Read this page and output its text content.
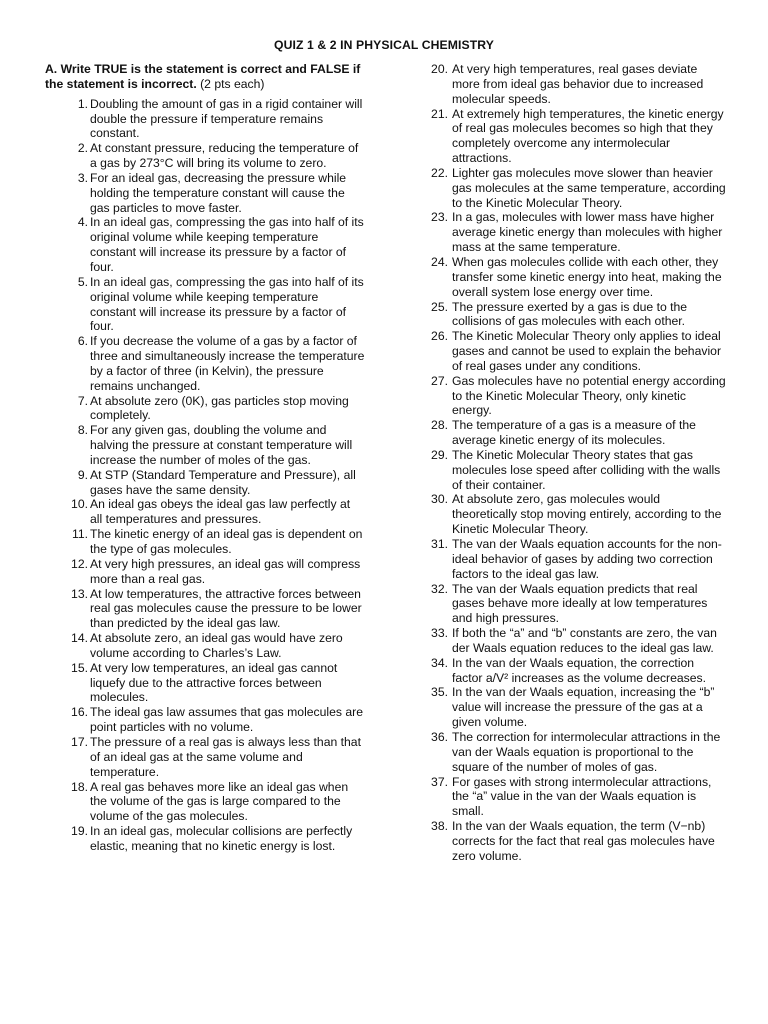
QUIZ 1 & 2 IN PHYSICAL CHEMISTRY
A. Write TRUE is the statement is correct and FALSE if the statement is incorrect. (2 pts each)
1. Doubling the amount of gas in a rigid container will double the pressure if temperature remains constant.
2. At constant pressure, reducing the temperature of a gas by 273°C will bring its volume to zero.
3. For an ideal gas, decreasing the pressure while holding the temperature constant will cause the gas particles to move faster.
4. In an ideal gas, compressing the gas into half of its original volume while keeping temperature constant will increase its pressure by a factor of four.
5. In an ideal gas, compressing the gas into half of its original volume while keeping temperature constant will increase its pressure by a factor of four.
6. If you decrease the volume of a gas by a factor of three and simultaneously increase the temperature by a factor of three (in Kelvin), the pressure remains unchanged.
7. At absolute zero (0K), gas particles stop moving completely.
8. For any given gas, doubling the volume and halving the pressure at constant temperature will increase the number of moles of the gas.
9. At STP (Standard Temperature and Pressure), all gases have the same density.
10. An ideal gas obeys the ideal gas law perfectly at all temperatures and pressures.
11. The kinetic energy of an ideal gas is dependent on the type of gas molecules.
12. At very high pressures, an ideal gas will compress more than a real gas.
13. At low temperatures, the attractive forces between real gas molecules cause the pressure to be lower than predicted by the ideal gas law.
14. At absolute zero, an ideal gas would have zero volume according to Charles’s Law.
15. At very low temperatures, an ideal gas cannot liquefy due to the attractive forces between molecules.
16. The ideal gas law assumes that gas molecules are point particles with no volume.
17. The pressure of a real gas is always less than that of an ideal gas at the same volume and temperature.
18. A real gas behaves more like an ideal gas when the volume of the gas is large compared to the volume of the gas molecules.
19. In an ideal gas, molecular collisions are perfectly elastic, meaning that no kinetic energy is lost.
20. At very high temperatures, real gases deviate more from ideal gas behavior due to increased molecular speeds.
21. At extremely high temperatures, the kinetic energy of real gas molecules becomes so high that they completely overcome any intermolecular attractions.
22. Lighter gas molecules move slower than heavier gas molecules at the same temperature, according to the Kinetic Molecular Theory.
23. In a gas, molecules with lower mass have higher average kinetic energy than molecules with higher mass at the same temperature.
24. When gas molecules collide with each other, they transfer some kinetic energy into heat, making the overall system lose energy over time.
25. The pressure exerted by a gas is due to the collisions of gas molecules with each other.
26. The Kinetic Molecular Theory only applies to ideal gases and cannot be used to explain the behavior of real gases under any conditions.
27. Gas molecules have no potential energy according to the Kinetic Molecular Theory, only kinetic energy.
28. The temperature of a gas is a measure of the average kinetic energy of its molecules.
29. The Kinetic Molecular Theory states that gas molecules lose speed after colliding with the walls of their container.
30. At absolute zero, gas molecules would theoretically stop moving entirely, according to the Kinetic Molecular Theory.
31. The van der Waals equation accounts for the non-ideal behavior of gases by adding two correction factors to the ideal gas law.
32. The van der Waals equation predicts that real gases behave more ideally at low temperatures and high pressures.
33. If both the “a” and “b” constants are zero, the van der Waals equation reduces to the ideal gas law.
34. In the van der Waals equation, the correction factor a/V² increases as the volume decreases.
35. In the van der Waals equation, increasing the “b” value will increase the pressure of the gas at a given volume.
36. The correction for intermolecular attractions in the van der Waals equation is proportional to the square of the number of moles of gas.
37. For gases with strong intermolecular attractions, the “a” value in the van der Waals equation is small.
38. In the van der Waals equation, the term (V−nb) corrects for the fact that real gas molecules have zero volume.
